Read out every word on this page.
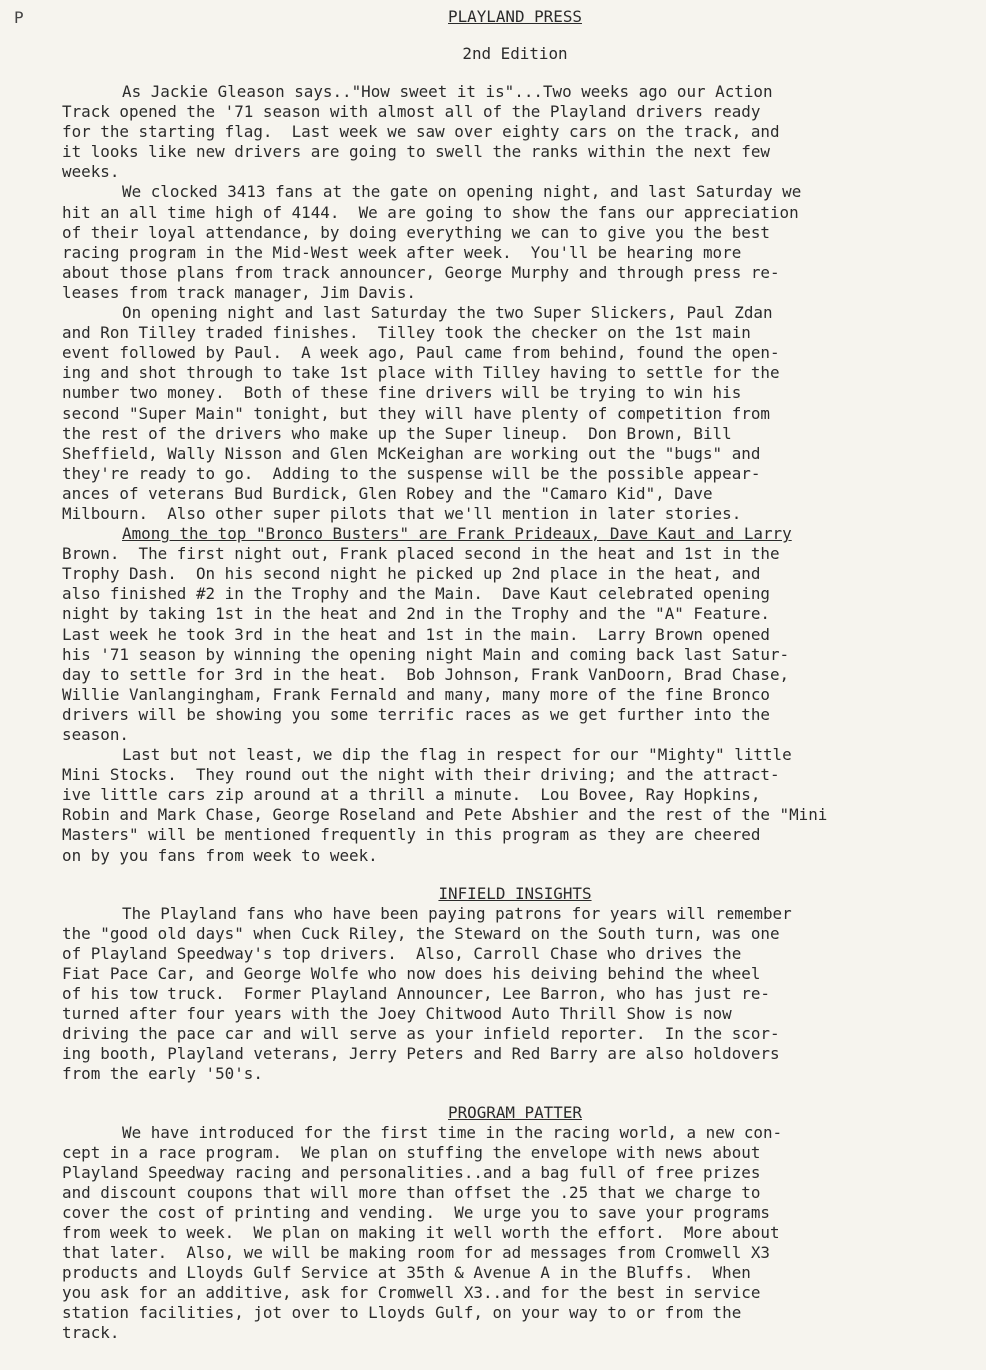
P	PLAYLAND PRESS
2nd Edition
As Jackie Gleason says.."How sweet it is"...Two weeks ago our Action
Track opened the '71 season with almost all of the Playland drivers ready
for the starting flag.  Last week we saw over eighty cars on the track, and
it looks like new drivers are going to swell the ranks within the next few
weeks.
We clocked 3413 fans at the gate on opening night, and last Saturday we
hit an all time high of 4144.  We are going to show the fans our appreciation
of their loyal attendance, by doing everything we can to give you the best
racing program in the Mid-West week after week.  You'll be hearing more
about those plans from track announcer, George Murphy and through press re-
leases from track manager, Jim Davis.
On opening night and last Saturday the two Super Slickers, Paul Zdan
and Ron Tilley traded finishes.  Tilley took the checker on the 1st main
event followed by Paul.  A week ago, Paul came from behind, found the open-
ing and shot through to take 1st place with Tilley having to settle for the
number two money.  Both of these fine drivers will be trying to win his
second "Super Main" tonight, but they will have plenty of competition from
the rest of the drivers who make up the Super lineup.  Don Brown, Bill
Sheffield, Wally Nisson and Glen McKeighan are working out the "bugs" and
they're ready to go.  Adding to the suspense will be the possible appear-
ances of veterans Bud Burdick, Glen Robey and the "Camaro Kid", Dave
Milbourn.  Also other super pilots that we'll mention in later stories.
Among the top "Bronco Busters" are Frank Prideaux, Dave Kaut and Larry
Brown.  The first night out, Frank placed second in the heat and 1st in the
Trophy Dash.  On his second night he picked up 2nd place in the heat, and
also finished #2 in the Trophy and the Main.  Dave Kaut celebrated opening
night by taking 1st in the heat and 2nd in the Trophy and the "A" Feature.
Last week he took 3rd in the heat and 1st in the main.  Larry Brown opened
his '71 season by winning the opening night Main and coming back last Satur-
day to settle for 3rd in the heat.  Bob Johnson, Frank VanDoorn, Brad Chase,
Willie Vanlangingham, Frank Fernald and many, many more of the fine Bronco
drivers will be showing you some terrific races as we get further into the
season.
Last but not least, we dip the flag in respect for our "Mighty" little
Mini Stocks.  They round out the night with their driving; and the attract-
ive little cars zip around at a thrill a minute.  Lou Bovee, Ray Hopkins,
Robin and Mark Chase, George Roseland and Pete Abshier and the rest of the "Mini
Masters" will be mentioned frequently in this program as they are cheered
on by you fans from week to week.
INFIELD INSIGHTS
The Playland fans who have been paying patrons for years will remember
the "good old days" when Cuck Riley, the Steward on the South turn, was one
of Playland Speedway's top drivers.  Also, Carroll Chase who drives the
Fiat Pace Car, and George Wolfe who now does his deiving behind the wheel
of his tow truck.  Former Playland Announcer, Lee Barron, who has just re-
turned after four years with the Joey Chitwood Auto Thrill Show is now
driving the pace car and will serve as your infield reporter.  In the scor-
ing booth, Playland veterans, Jerry Peters and Red Barry are also holdovers
from the early '50's.
PROGRAM PATTER
We have introduced for the first time in the racing world, a new con-
cept in a race program.  We plan on stuffing the envelope with news about
Playland Speedway racing and personalities..and a bag full of free prizes
and discount coupons that will more than offset the .25 that we charge to
cover the cost of printing and vending.  We urge you to save your programs
from week to week.  We plan on making it well worth the effort.  More about
that later.  Also, we will be making room for ad messages from Cromwell X3
products and Lloyds Gulf Service at 35th & Avenue A in the Bluffs.  When
you ask for an additive, ask for Cromwell X3..and for the best in service
station facilities, jot over to Lloyds Gulf, on your way to or from the
track.
